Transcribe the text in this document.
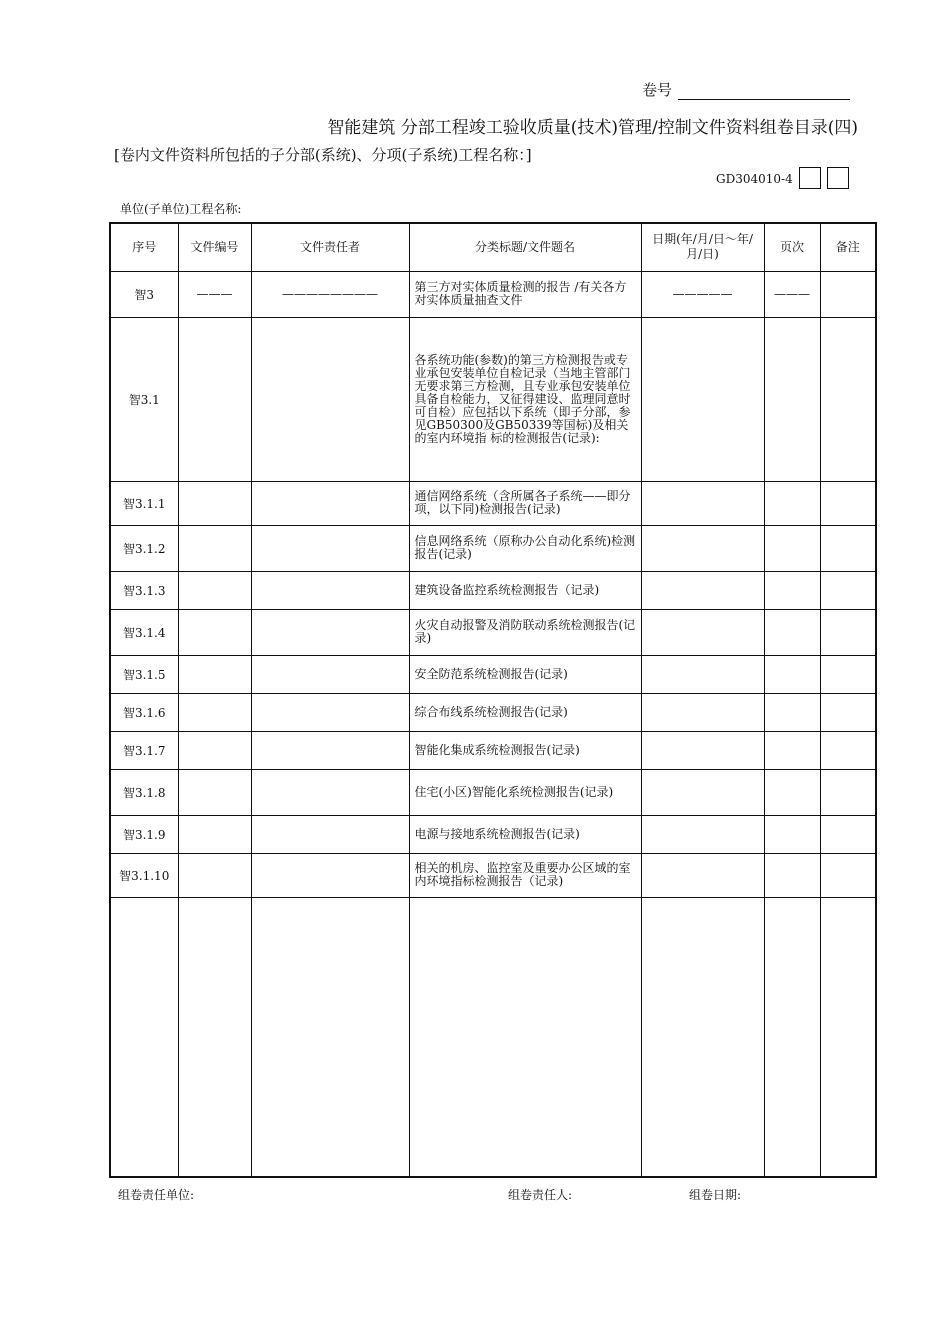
卷号
智能建筑 分部工程竣工验收质量(技术)管理/控制文件资料组卷目录(四)
[卷内文件资料所包括的子分部(系统)、分项(子系统)工程名称：]
GD304010-4
单位(子单位)工程名称:
序号	文件编号	文件责任者	分类标题/文件题名	日期(年/月/日～年/月/日)	页次	备注
智3	———	————————	第三方对实体质量检测的报告 /有关各方对实体质量抽查文件	—————	———	
智3.1			各系统功能(参数)的第三方检测报告或专业承包安装单位自检记录（当地主管部门无要求第三方检测，且专业承包安装单位具备自检能力，又征得建设、监理同意时可自检）应包括以下系统（即子分部，参见GB50300及GB50339等国标)及相关的室内环境指 标的检测报告(记录):			
智3.1.1			通信网络系统（含所属各子系统——即分项，以下同)检测报告(记录)			
智3.1.2			信息网络系统（原称办公自动化系统)检测报告(记录)			
智3.1.3			建筑设备监控系统检测报告（记录)			
智3.1.4			火灾自动报警及消防联动系统检测报告(记录)			
智3.1.5			安全防范系统检测报告(记录)			
智3.1.6			综合布线系统检测报告(记录)			
智3.1.7			智能化集成系统检测报告(记录)			
智3.1.8			住宅(小区)智能化系统检测报告(记录)			
智3.1.9			电源与接地系统检测报告(记录)			
智3.1.10			相关的机房、监控室及重要办公区域的室内环境指标检测报告（记录)			

组卷责任单位:	组卷责任人:	组卷日期:
